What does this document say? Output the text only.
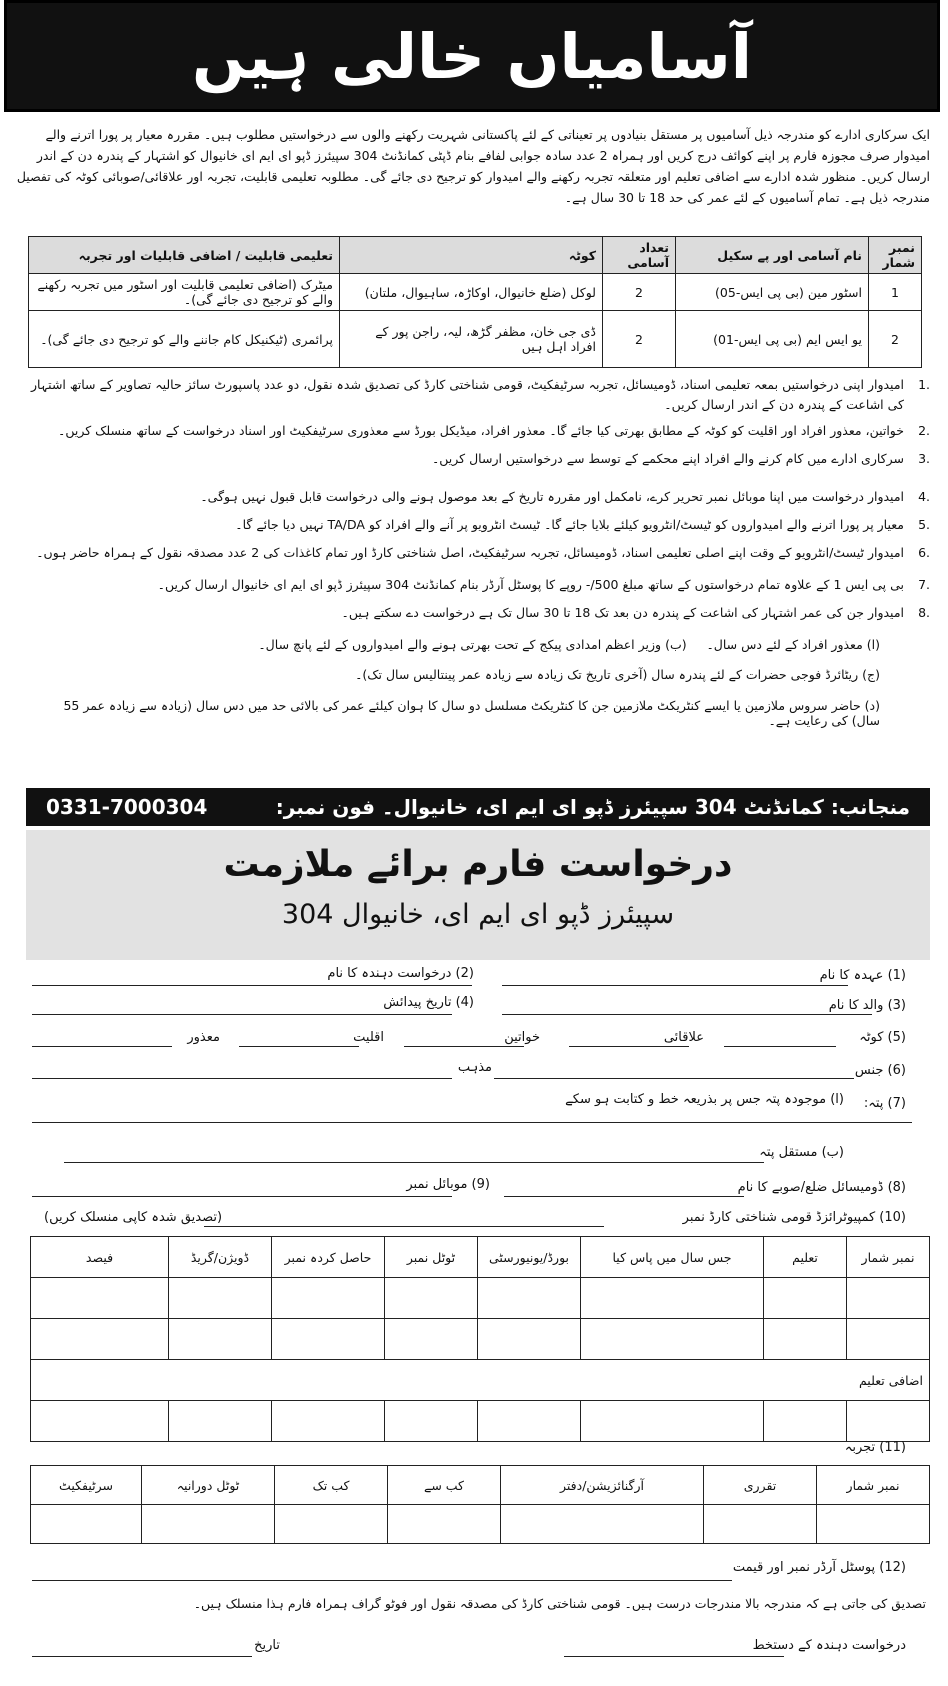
آسامیاں خالی ہیں
ایک سرکاری ادارے کو مندرجہ ذیل آسامیوں پر مستقل بنیادوں پر تعیناتی کے لئے پاکستانی شہریت رکھنے والوں سے درخواستیں مطلوب ہیں۔ مقررہ معیار پر پورا اترنے والے امیدوار صرف مجوزہ فارم پر اپنے کوائف درج کریں اور ہمراہ 2 عدد سادہ جوابی لفافے بنام ڈپٹی کمانڈنٹ 304 سپیئرز ڈپو ای ایم ای خانیوال کو اشتہار کے پندرہ دن کے اندر ارسال کریں۔ منظور شدہ ادارے سے اضافی تعلیم اور متعلقہ تجربہ رکھنے والے امیدوار کو ترجیح دی جائے گی۔ مطلوبہ تعلیمی قابلیت، تجربہ اور علاقائی/صوبائی کوٹہ کی تفصیل مندرجہ ذیل ہے۔ تمام آسامیوں کے لئے عمر کی حد 18 تا 30 سال ہے۔
نمبر شمار	نام آسامی اور پے سکیل	تعداد آسامی	کوٹہ	تعلیمی قابلیت / اضافی قابلیات اور تجربہ
1	اسٹور مین (بی پی ایس-05)	2	لوکل (ضلع خانیوال، اوکاڑہ، ساہیوال، ملتان)	میٹرک (اضافی تعلیمی قابلیت اور اسٹور میں تجربہ رکھنے والے کو ترجیح دی جائے گی)۔
2	یو ایس ایم (بی پی ایس-01)	2	ڈی جی خان، مظفر گڑھ، لیہ، راجن پور کے افراد اہل ہیں	پرائمری (ٹیکنیکل کام جاننے والے کو ترجیح دی جائے گی)۔
.1
امیدوار اپنی درخواستیں بمعہ تعلیمی اسناد، ڈومیسائل، تجربہ سرٹیفکیٹ، قومی شناختی کارڈ کی تصدیق شدہ نقول، دو عدد پاسپورٹ سائز حالیہ تصاویر کے ساتھ اشتہار کی اشاعت کے پندرہ دن کے اندر ارسال کریں۔
.2
خواتین، معذور افراد اور اقلیت کو کوٹہ کے مطابق بھرتی کیا جائے گا۔ معذور افراد، میڈیکل بورڈ سے معذوری سرٹیفکیٹ اور اسناد درخواست کے ساتھ منسلک کریں۔
.3
سرکاری ادارے میں کام کرنے والے افراد اپنے محکمے کے توسط سے درخواستیں ارسال کریں۔
.4
امیدوار درخواست میں اپنا موبائل نمبر تحریر کرے، نامکمل اور مقررہ تاریخ کے بعد موصول ہونے والی درخواست قابل قبول نہیں ہوگی۔
.5
معیار پر پورا اترنے والے امیدواروں کو ٹیسٹ/انٹرویو کیلئے بلایا جائے گا۔ ٹیسٹ انٹرویو پر آنے والے افراد کو TA/DA نہیں دیا جائے گا۔
.6
امیدوار ٹیسٹ/انٹرویو کے وقت اپنے اصلی تعلیمی اسناد، ڈومیسائل، تجربہ سرٹیفکیٹ، اصل شناختی کارڈ اور تمام کاغذات کی 2 عدد مصدقہ نقول کے ہمراہ حاضر ہوں۔
.7
بی پی ایس 1 کے علاوہ تمام درخواستوں کے ساتھ مبلغ 500/- روپے کا پوسٹل آرڈر بنام کمانڈنٹ 304 سپیئرز ڈپو ای ایم ای خانیوال ارسال کریں۔
.8
امیدوار جن کی عمر اشتہار کی اشاعت کے پندرہ دن بعد تک 18 تا 30 سال تک ہے درخواست دے سکتے ہیں۔
(ا) معذور افراد کے لئے دس سال۔     (ب) وزیر اعظم امدادی پیکج کے تحت بھرتی ہونے والے امیدواروں کے لئے پانچ سال۔
(ج) ریٹائرڈ فوجی حضرات کے لئے پندرہ سال (آخری تاریخ تک زیادہ سے زیادہ عمر پینتالیس سال تک)۔
(د) حاضر سروس ملازمین یا ایسے کنٹریکٹ ملازمین جن کا کنٹریکٹ مسلسل دو سال کا ہوان کیلئے عمر کی بالائی حد میں دس سال (زیادہ سے زیادہ عمر 55 سال) کی رعایت ہے۔
منجانب: کمانڈنٹ 304 سپیئرز ڈپو ای ایم ای، خانیوال۔ فون نمبر:
0331-7000304
درخواست فارم برائے ملازمت
304 سپیئرز ڈپو ای ایم ای، خانیوال
(1) عہدہ کا نام
(2) درخواست دہندہ کا نام
(3) والد کا نام
(4) تاریخ پیدائش
(5) کوٹہ
علاقائی
خواتین
اقلیت
معذور
(6) جنس
مذہب
(7) پتہ:
(ا) موجودہ پتہ جس پر بذریعہ خط و کتابت ہو سکے
(ب) مستقل پتہ
(8) ڈومیسائل ضلع/صوبے کا نام
(9) موبائل نمبر
(10) کمپیوٹرائزڈ قومی شناختی کارڈ نمبر
(تصدیق شدہ کاپی منسلک کریں)
نمبر شمار	تعلیم	جس سال میں پاس کیا	بورڈ/یونیورسٹی	ٹوٹل نمبر	حاصل کردہ نمبر	ڈویژن/گریڈ	فیصد

اضافی تعلیم							

(11) تجربہ
نمبر شمار	تقرری	آرگنائزیشن/دفتر	کب سے	کب تک	ٹوٹل دورانیہ	سرٹیفکیٹ

(12) پوسٹل آرڈر نمبر اور قیمت
تصدیق کی جاتی ہے کہ مندرجہ بالا مندرجات درست ہیں۔ قومی شناختی کارڈ کی مصدقہ نقول اور فوٹو گراف ہمراہ فارم ہذا منسلک ہیں۔
درخواست دہندہ کے دستخط
تاریخ
